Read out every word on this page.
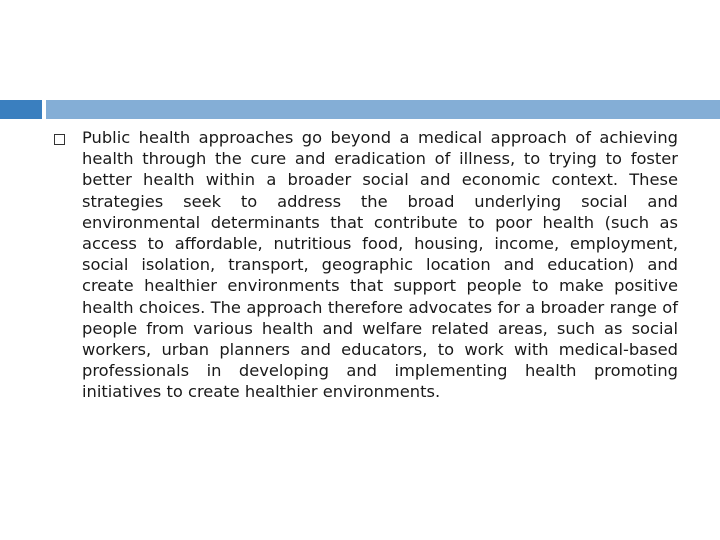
Public health approaches go beyond a medical approach of achieving health through the cure and eradication of illness, to trying to foster better health within a broader social and economic context. These strategies seek to address the broad underlying social and environmental determinants that contribute to poor health (such as access to affordable, nutritious food, housing, income, employment, social isolation, transport, geographic location and education) and create healthier environments that support people to make positive health choices. The approach therefore advocates for a broader range of people from various health and welfare related areas, such as social workers, urban planners and educators, to work with medical-based professionals in developing and implementing health promoting initiatives to create healthier environments.
